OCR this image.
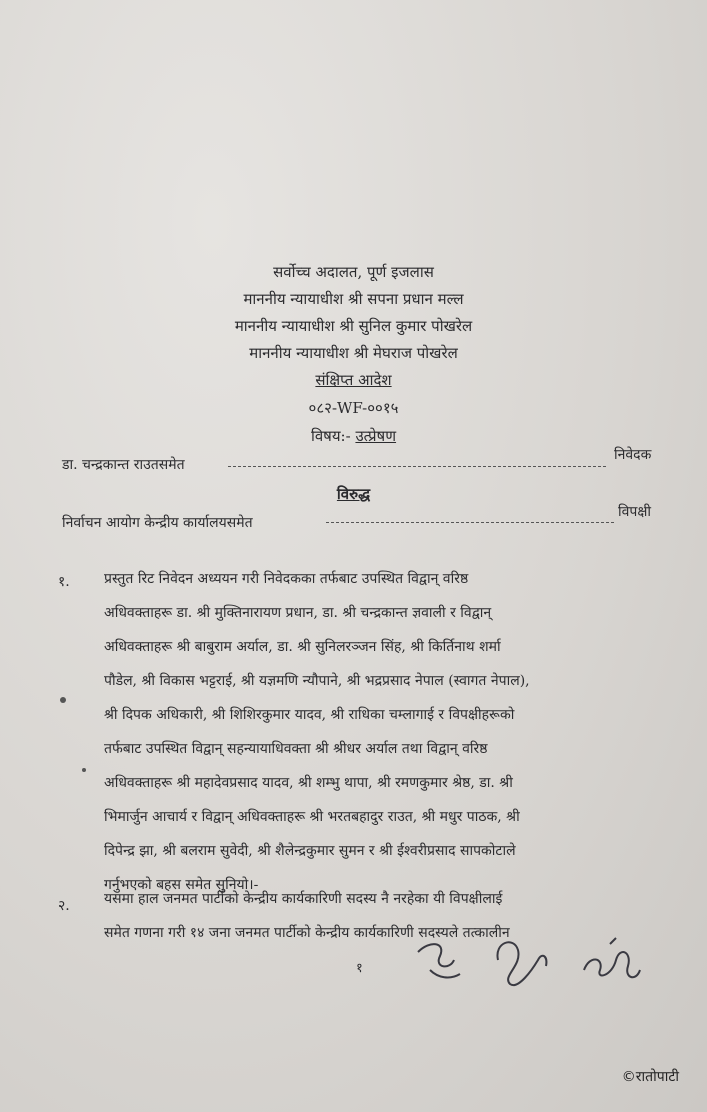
सर्वोच्च अदालत, पूर्ण इजलास
माननीय न्यायाधीश श्री सपना प्रधान मल्ल
माननीय न्यायाधीश श्री सुनिल कुमार पोखरेल
माननीय न्यायाधीश श्री मेघराज पोखरेल
संक्षिप्त आदेश
०८२-WF-००१५
विषय:- उत्प्रेषण
डा. चन्द्रकान्त राउतसमेत
निवेदक
विरुद्ध
निर्वाचन आयोग केन्द्रीय कार्यालयसमेत
विपक्षी
१. प्रस्तुत रिट निवेदन अध्ययन गरी निवेदकका तर्फबाट उपस्थित विद्वान् वरिष्ठ
अधिवक्ताहरू डा. श्री मुक्तिनारायण प्रधान, डा. श्री चन्द्रकान्त ज्ञवाली र विद्वान्
अधिवक्ताहरू श्री बाबुराम अर्याल, डा. श्री सुनिलरञ्जन सिंह, श्री किर्तिनाथ शर्मा
पौडेल, श्री विकास भट्टराई, श्री यज्ञमणि न्यौपाने, श्री भद्रप्रसाद नेपाल (स्वागत नेपाल),
श्री दिपक अधिकारी, श्री शिशिरकुमार यादव, श्री राधिका चम्लागाई र विपक्षीहरूको
तर्फबाट उपस्थित विद्वान् सहन्यायाधिवक्ता श्री श्रीधर अर्याल तथा विद्वान् वरिष्ठ
अधिवक्ताहरू श्री महादेवप्रसाद यादव, श्री शम्भु थापा, श्री रमणकुमार श्रेष्ठ, डा. श्री
भिमार्जुन आचार्य र विद्वान् अधिवक्ताहरू श्री भरतबहादुर राउत, श्री मधुर पाठक, श्री
दिपेन्द्र झा, श्री बलराम सुवेदी, श्री शैलेन्द्रकुमार सुमन र श्री ईश्वरीप्रसाद सापकोटाले
गर्नुभएको बहस समेत सुनियो।-
२. यसमा हाल जनमत पार्टीको केन्द्रीय कार्यकारिणी सदस्य नै नरहेका यी विपक्षीलाई
समेत गणना गरी १४ जना जनमत पार्टीको केन्द्रीय कार्यकारिणी सदस्यले तत्कालीन
१
©रातोपाटी
